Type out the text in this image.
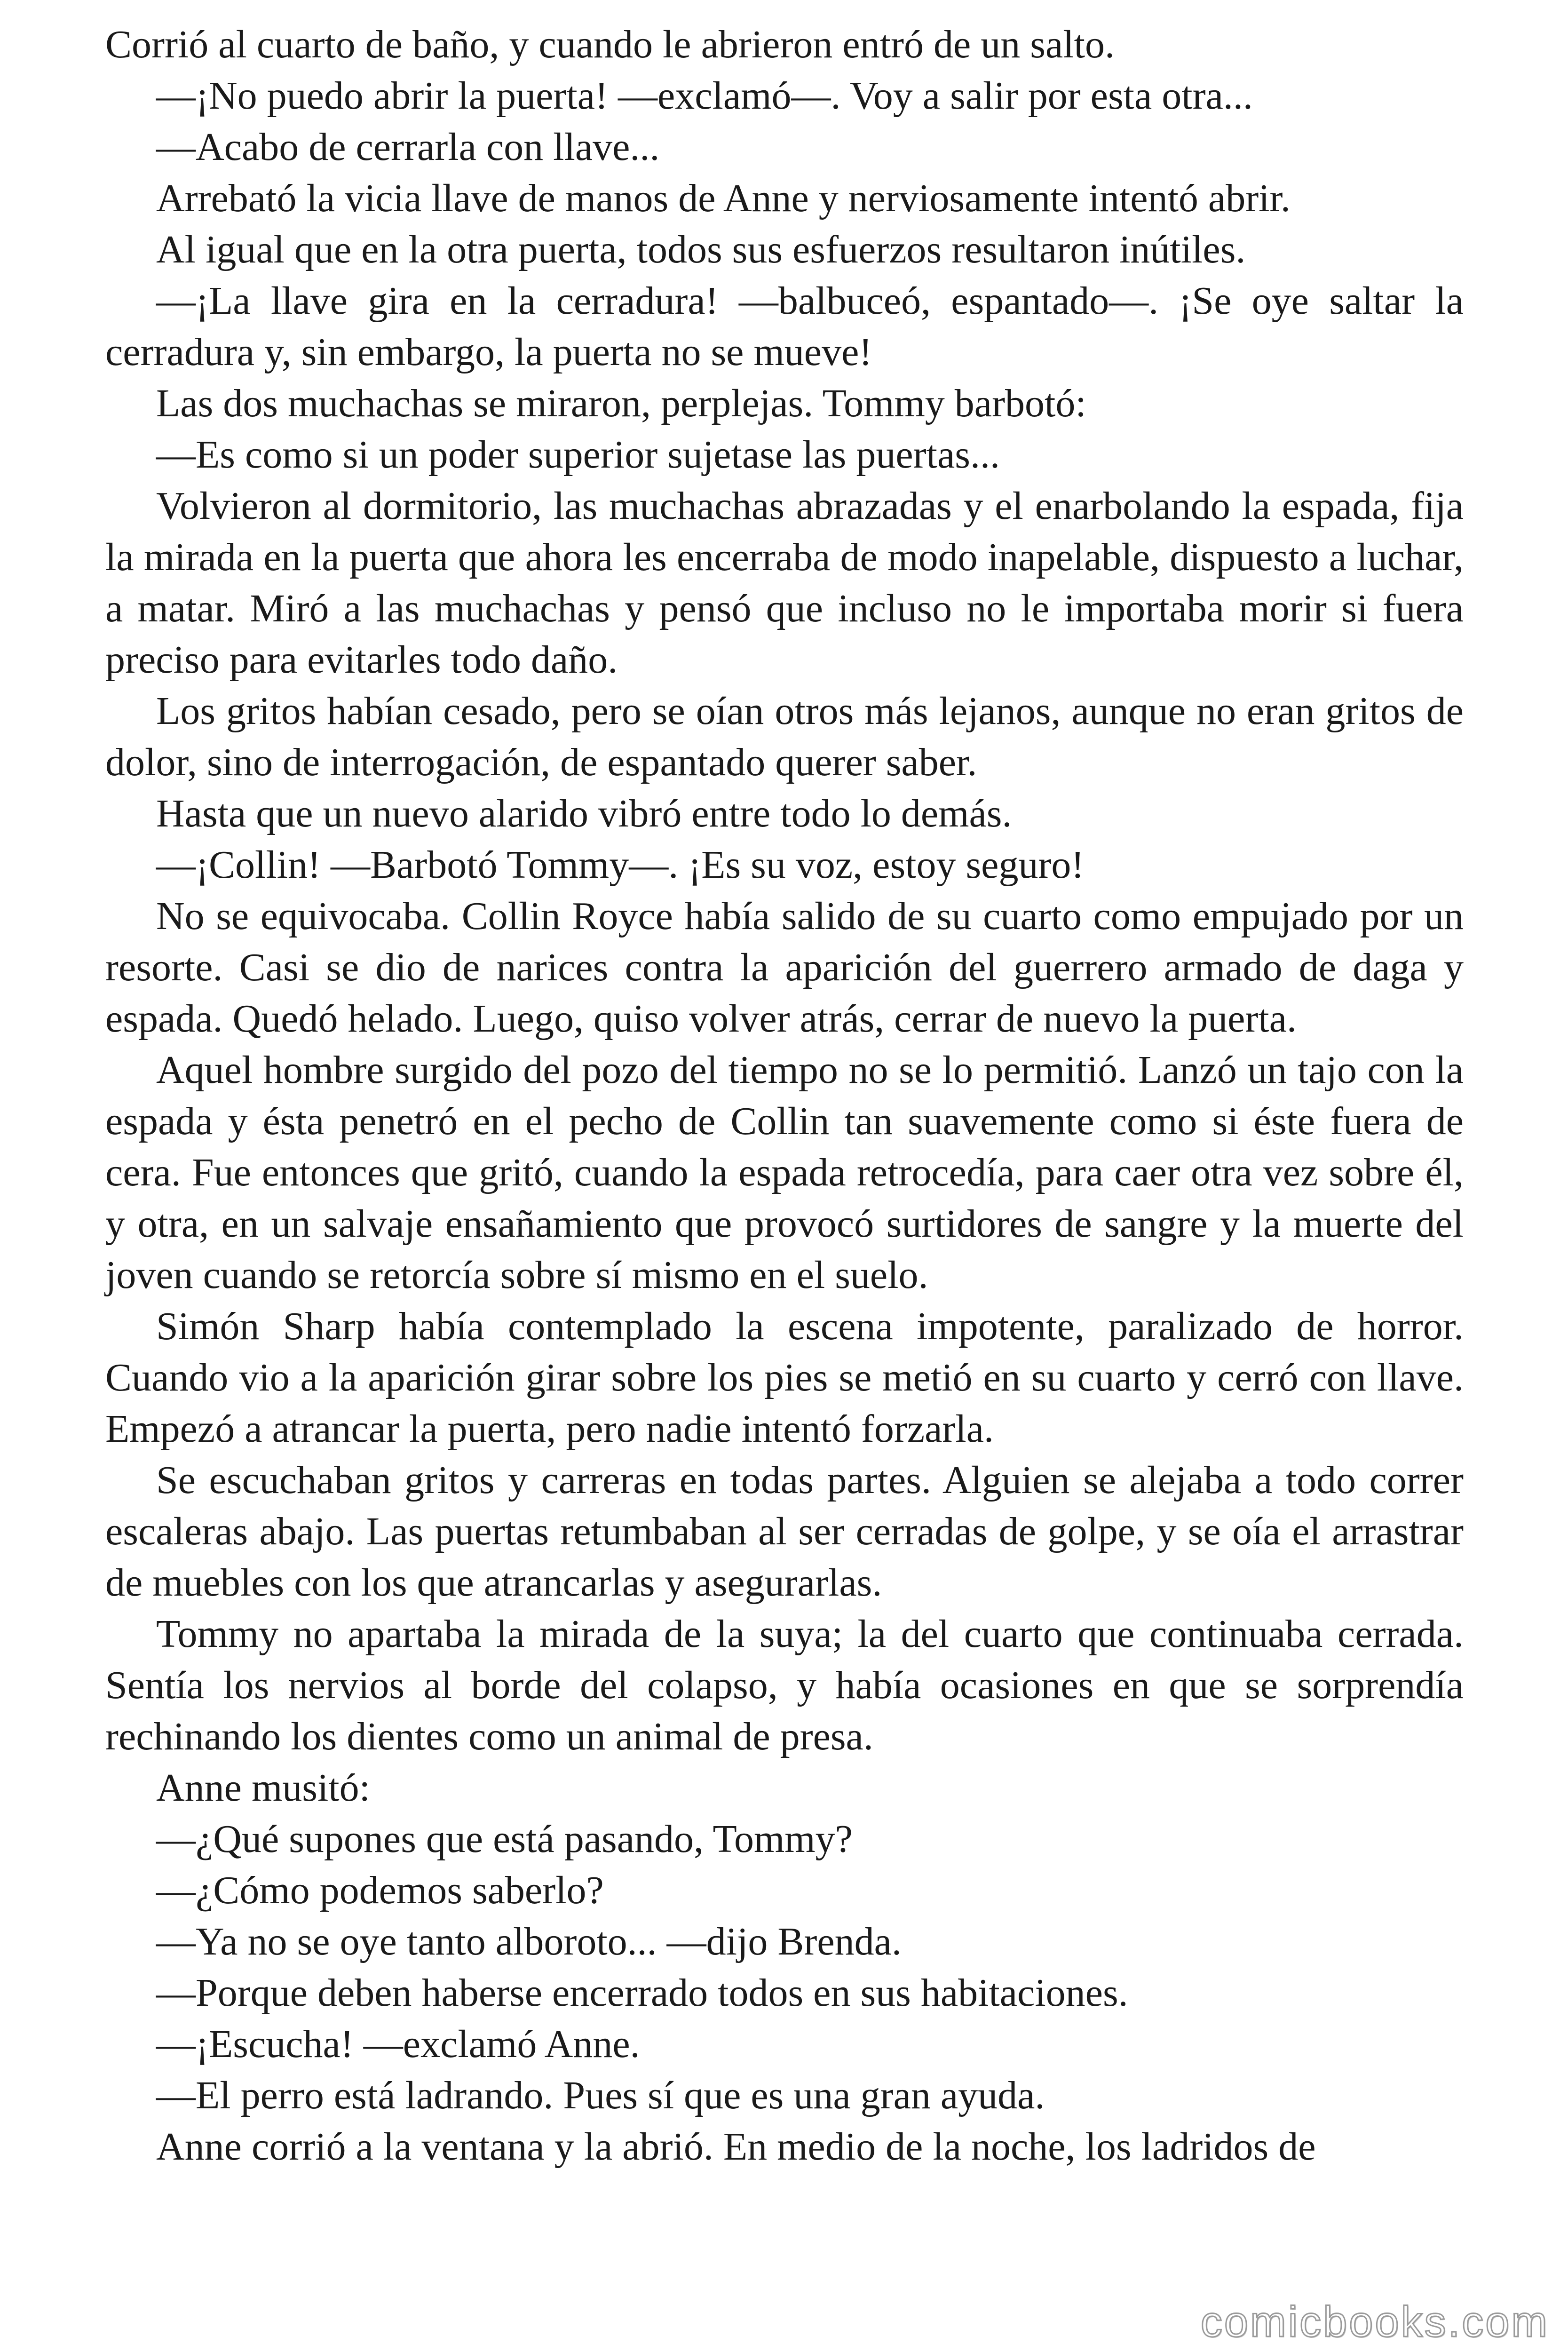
Corrió al cuarto de baño, y cuando le abrieron entró de un salto.

—¡No puedo abrir la puerta! —exclamó—. Voy a salir por esta otra...

—Acabo de cerrarla con llave...

Arrebató la vicia llave de manos de Anne y nerviosamente intentó abrir.

Al igual que en la otra puerta, todos sus esfuerzos resultaron inútiles.

—¡La llave gira en la cerradura! —balbuceó, espantado—. ¡Se oye saltar la cerradura y, sin embargo, la puerta no se mueve!

Las dos muchachas se miraron, perplejas. Tommy barbotó:

—Es como si un poder superior sujetase las puertas...

Volvieron al dormitorio, las muchachas abrazadas y el enarbolando la espada, fija la mirada en la puerta que ahora les encerraba de modo inapelable, dispuesto a luchar, a matar. Miró a las muchachas y pensó que incluso no le importaba morir si fuera preciso para evitarles todo daño.

Los gritos habían cesado, pero se oían otros más lejanos, aunque no eran gritos de dolor, sino de interrogación, de espantado querer saber.

Hasta que un nuevo alarido vibró entre todo lo demás.

—¡Collin! —Barbotó Tommy—. ¡Es su voz, estoy seguro!

No se equivocaba. Collin Royce había salido de su cuarto como empujado por un resorte. Casi se dio de narices contra la aparición del guerrero armado de daga y espada. Quedó helado. Luego, quiso volver atrás, cerrar de nuevo la puerta.

Aquel hombre surgido del pozo del tiempo no se lo permitió. Lanzó un tajo con la espada y ésta penetró en el pecho de Collin tan suavemente como si éste fuera de cera. Fue entonces que gritó, cuando la espada retrocedía, para caer otra vez sobre él, y otra, en un salvaje ensañamiento que provocó surtidores de sangre y la muerte del joven cuando se retorcía sobre sí mismo en el suelo.

Simón Sharp había contemplado la escena impotente, paralizado de horror. Cuando vio a la aparición girar sobre los pies se metió en su cuarto y cerró con llave. Empezó a atrancar la puerta, pero nadie intentó forzarla.

Se escuchaban gritos y carreras en todas partes. Alguien se alejaba a todo correr escaleras abajo. Las puertas retumbaban al ser cerradas de golpe, y se oía el arrastrar de muebles con los que atrancarlas y asegurarlas.

Tommy no apartaba la mirada de la suya; la del cuarto que continuaba cerrada. Sentía los nervios al borde del colapso, y había ocasiones en que se sorprendía rechinando los dientes como un animal de presa.

Anne musitó:

—¿Qué supones que está pasando, Tommy?

—¿Cómo podemos saberlo?

—Ya no se oye tanto alboroto... —dijo Brenda.

—Porque deben haberse encerrado todos en sus habitaciones.

—¡Escucha! —exclamó Anne.

—El perro está ladrando. Pues sí que es una gran ayuda.

Anne corrió a la ventana y la abrió. En medio de la noche, los ladridos de

comicbooks.com
